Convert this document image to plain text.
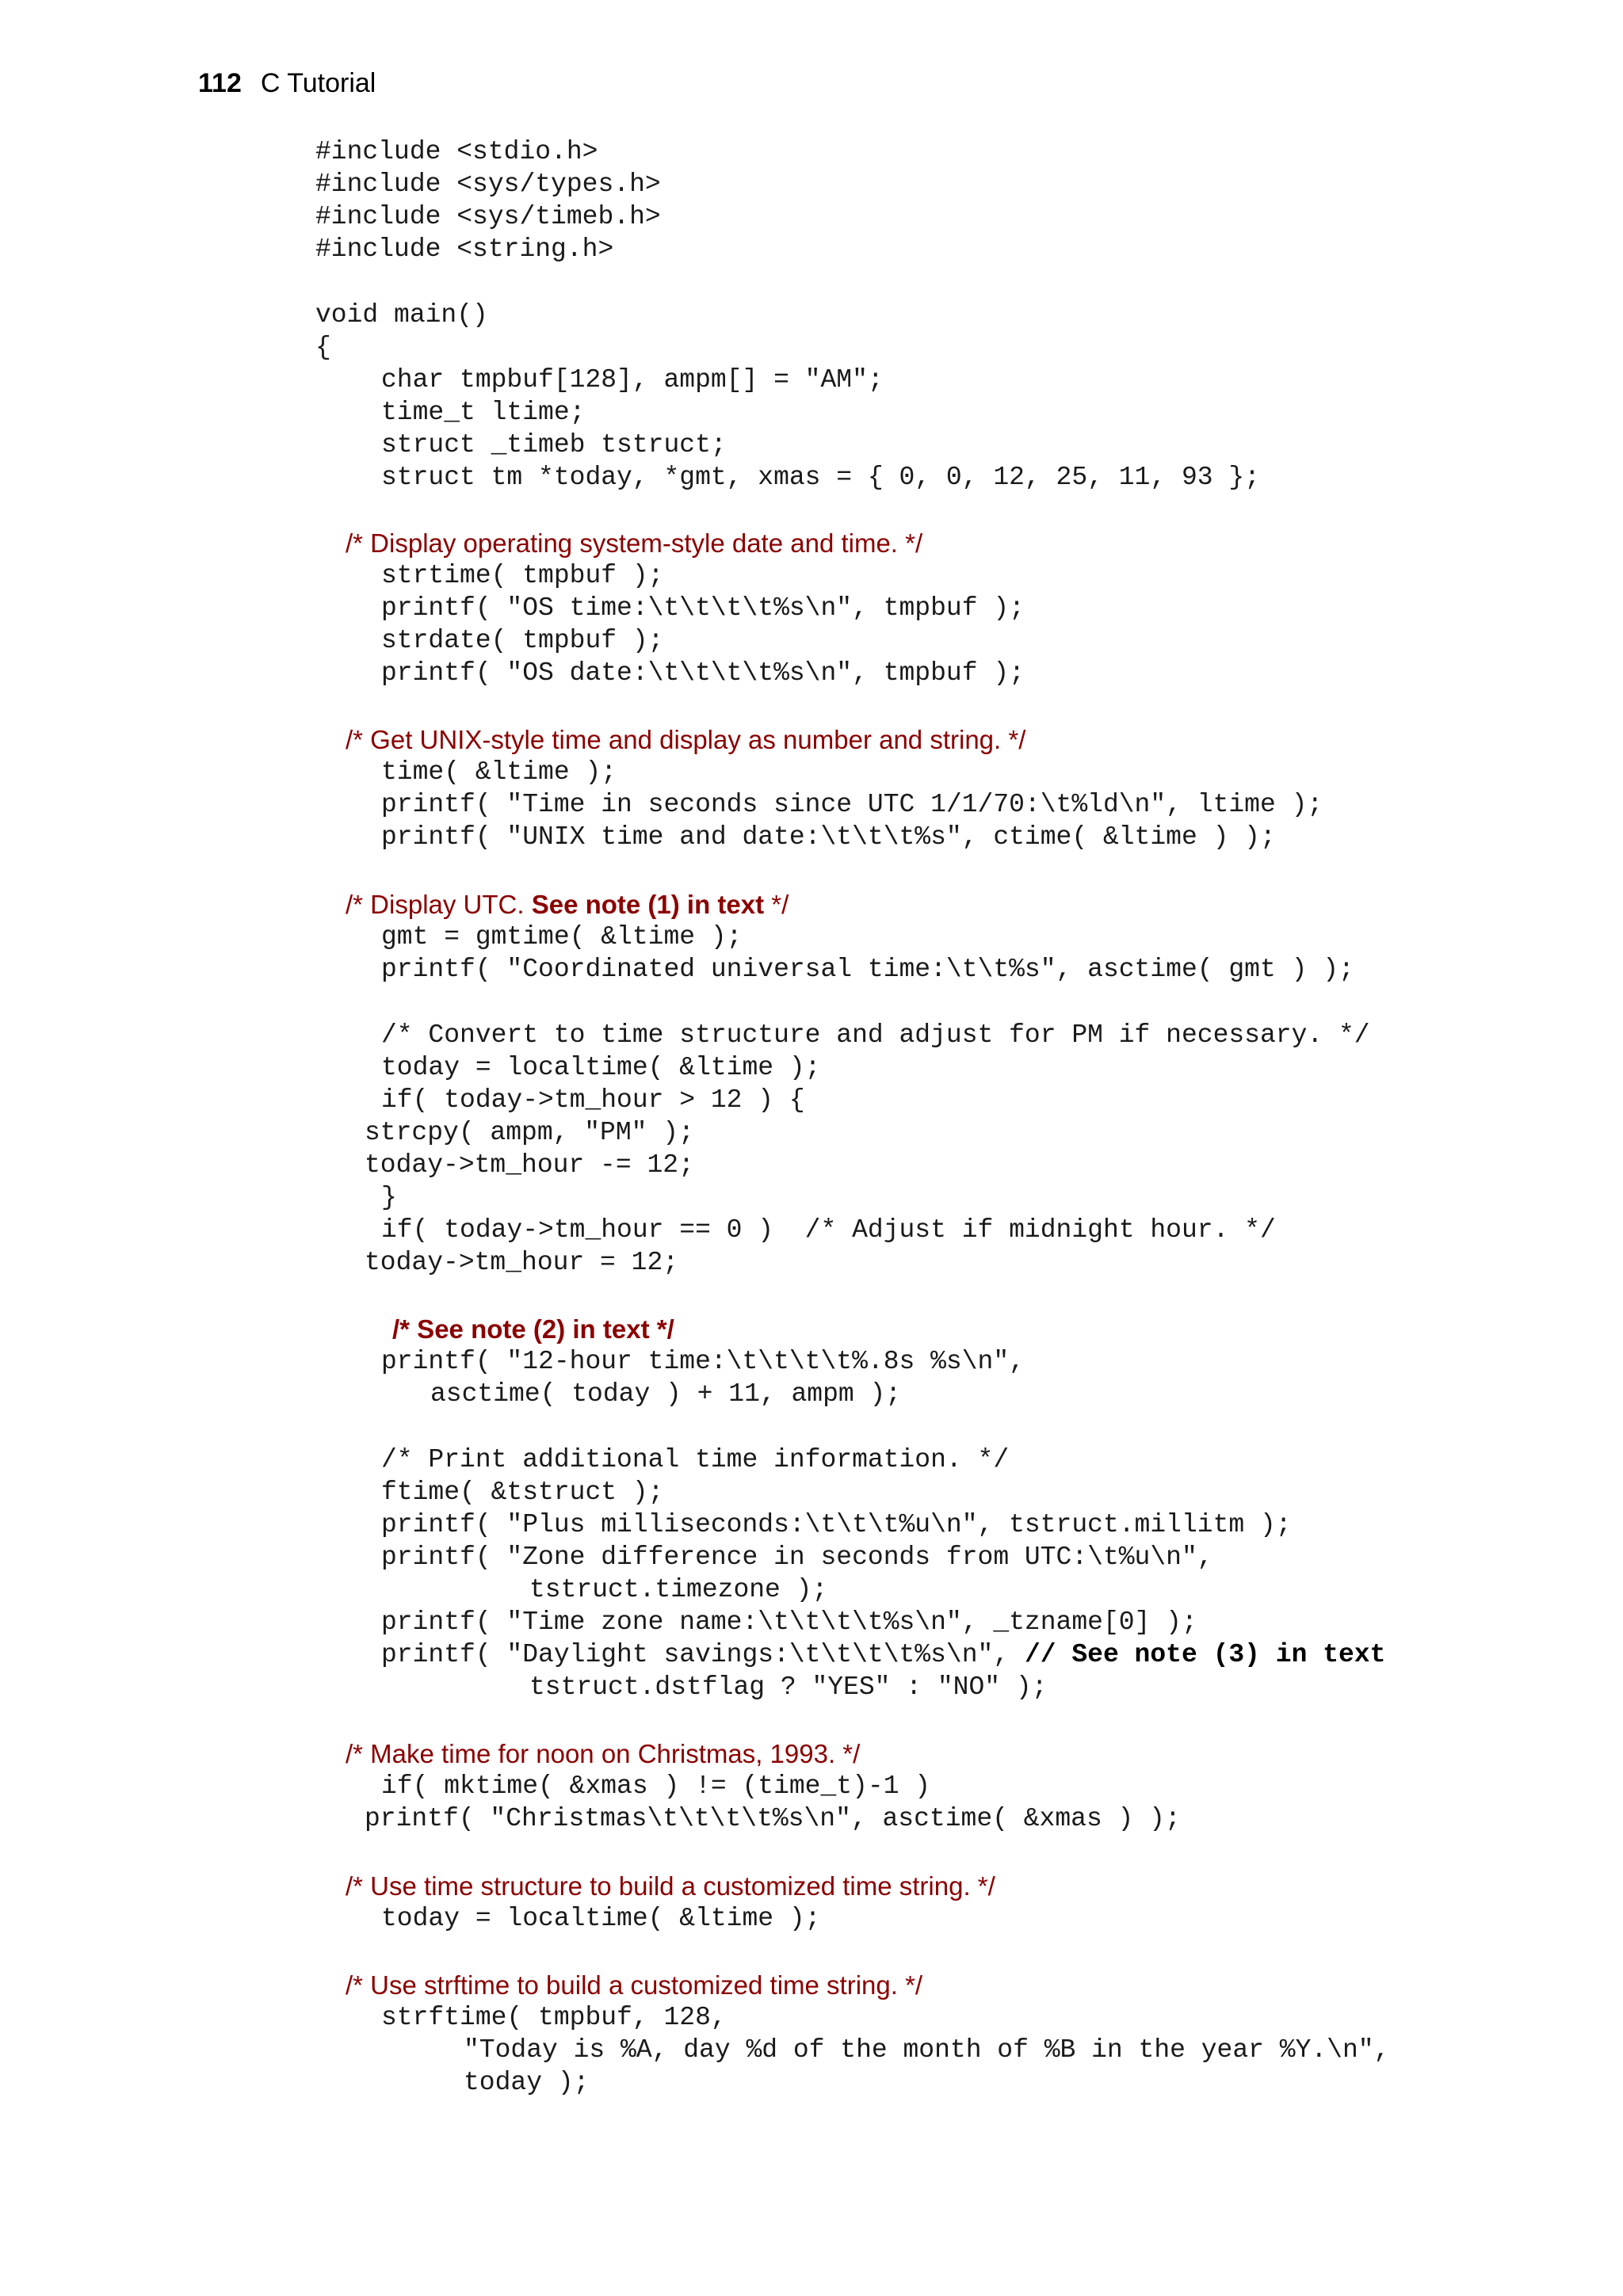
112 C Tutorial
#include <stdio.h>
#include <sys/types.h>
#include <sys/timeb.h>
#include <string.h>
void main()
{
char tmpbuf[128], ampm[] = "AM";
time_t ltime;
struct _timeb tstruct;
struct tm *today, *gmt, xmas = { 0, 0, 12, 25, 11, 93 };
/* Display operating system-style date and time. */
strtime( tmpbuf );
printf( "OS time:\t\t\t\t%s\n", tmpbuf );
strdate( tmpbuf );
printf( "OS date:\t\t\t\t%s\n", tmpbuf );
/* Get UNIX-style time and display as number and string. */
time( &ltime );
printf( "Time in seconds since UTC 1/1/70:\t%ld\n", ltime );
printf( "UNIX time and date:\t\t\t%s", ctime( &ltime ) );
/* Display UTC. See note (1) in text */
gmt = gmtime( &ltime );
printf( "Coordinated universal time:\t\t%s", asctime( gmt ) );
/* Convert to time structure and adjust for PM if necessary. */
today = localtime( &ltime );
if( today->tm_hour > 12 ) {
strcpy( ampm, "PM" );
today->tm_hour -= 12;
}
if( today->tm_hour == 0 )  /* Adjust if midnight hour. */
today->tm_hour = 12;
/* See note (2) in text */
printf( "12-hour time:\t\t\t\t%.8s %s\n",
asctime( today ) + 11, ampm );
/* Print additional time information. */
ftime( &tstruct );
printf( "Plus milliseconds:\t\t\t%u\n", tstruct.millitm );
printf( "Zone difference in seconds from UTC:\t%u\n",
tstruct.timezone );
printf( "Time zone name:\t\t\t\t%s\n", _tzname[0] );
printf( "Daylight savings:\t\t\t\t%s\n", // See note (3) in text
tstruct.dstflag ? "YES" : "NO" );
/* Make time for noon on Christmas, 1993. */
if( mktime( &xmas ) != (time_t)-1 )
printf( "Christmas\t\t\t\t%s\n", asctime( &xmas ) );
/* Use time structure to build a customized time string. */
today = localtime( &ltime );
/* Use strftime to build a customized time string. */
strftime( tmpbuf, 128,
"Today is %A, day %d of the month of %B in the year %Y.\n",
today );
